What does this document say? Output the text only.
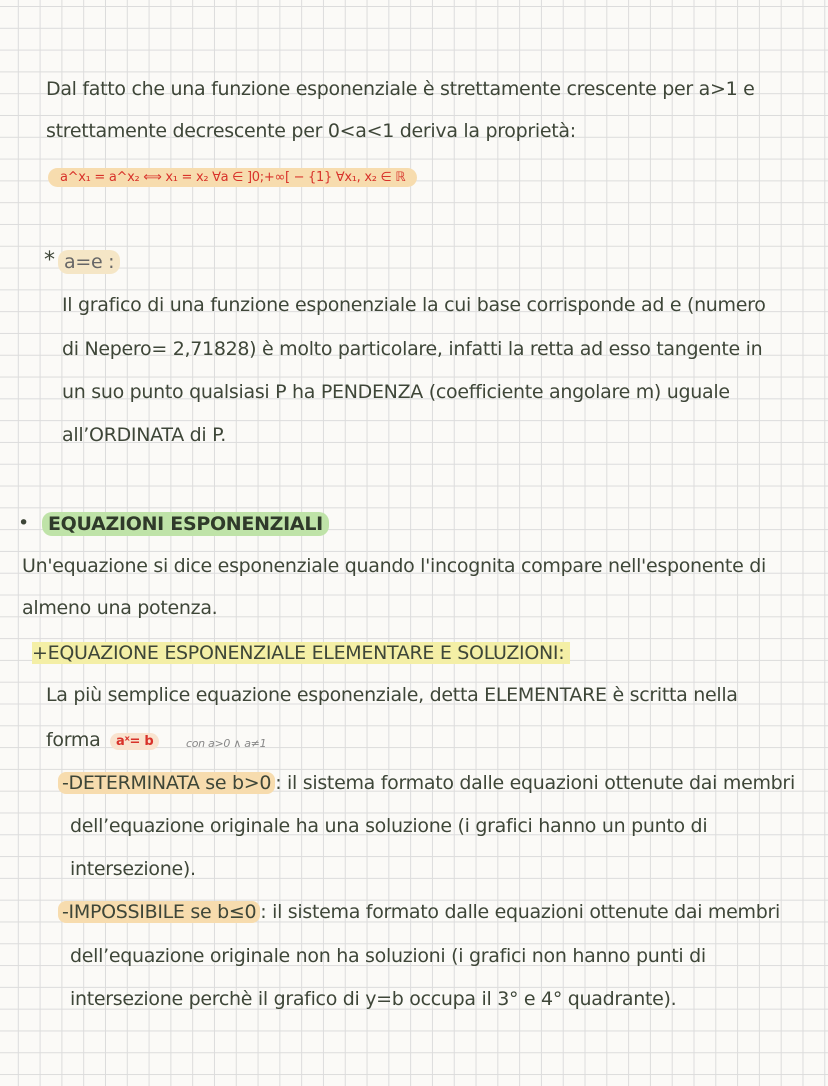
Dal fatto che una funzione esponenziale è strettamente crescente per a>1 e
strettamente decrescente per 0<a<1 deriva la proprietà:
a^x₁ = a^x₂ ⟺ x₁ = x₂ ∀a ∈ ]0;+∞[ − {1} ∀x₁, x₂ ∈ ℝ
* a=e :
Il grafico di una funzione esponenziale la cui base corrisponde ad e (numero
di Nepero= 2,71828) è molto particolare, infatti la retta ad esso tangente in
un suo punto qualsiasi P ha PENDENZA (coefficiente angolare m) uguale
all’ORDINATA di P.
•	EQUAZIONI ESPONENZIALI
Un'equazione si dice esponenziale quando l'incognita compare nell'esponente di
almeno una potenza.
+EQUAZIONE ESPONENZIALE ELEMENTARE E SOLUZIONI:
La più semplice equazione esponenziale, detta ELEMENTARE è scritta nella
forma	aˣ= b	con a>0 ∧ a≠1
-DETERMINATA se b>0 : il sistema formato dalle equazioni ottenute dai membri
dell’equazione originale ha una soluzione (i grafici hanno un punto di
intersezione).
-IMPOSSIBILE se b≤0 : il sistema formato dalle equazioni ottenute dai membri
dell’equazione originale non ha soluzioni (i grafici non hanno punti di
intersezione perchè il grafico di y=b occupa il 3° e 4° quadrante).
